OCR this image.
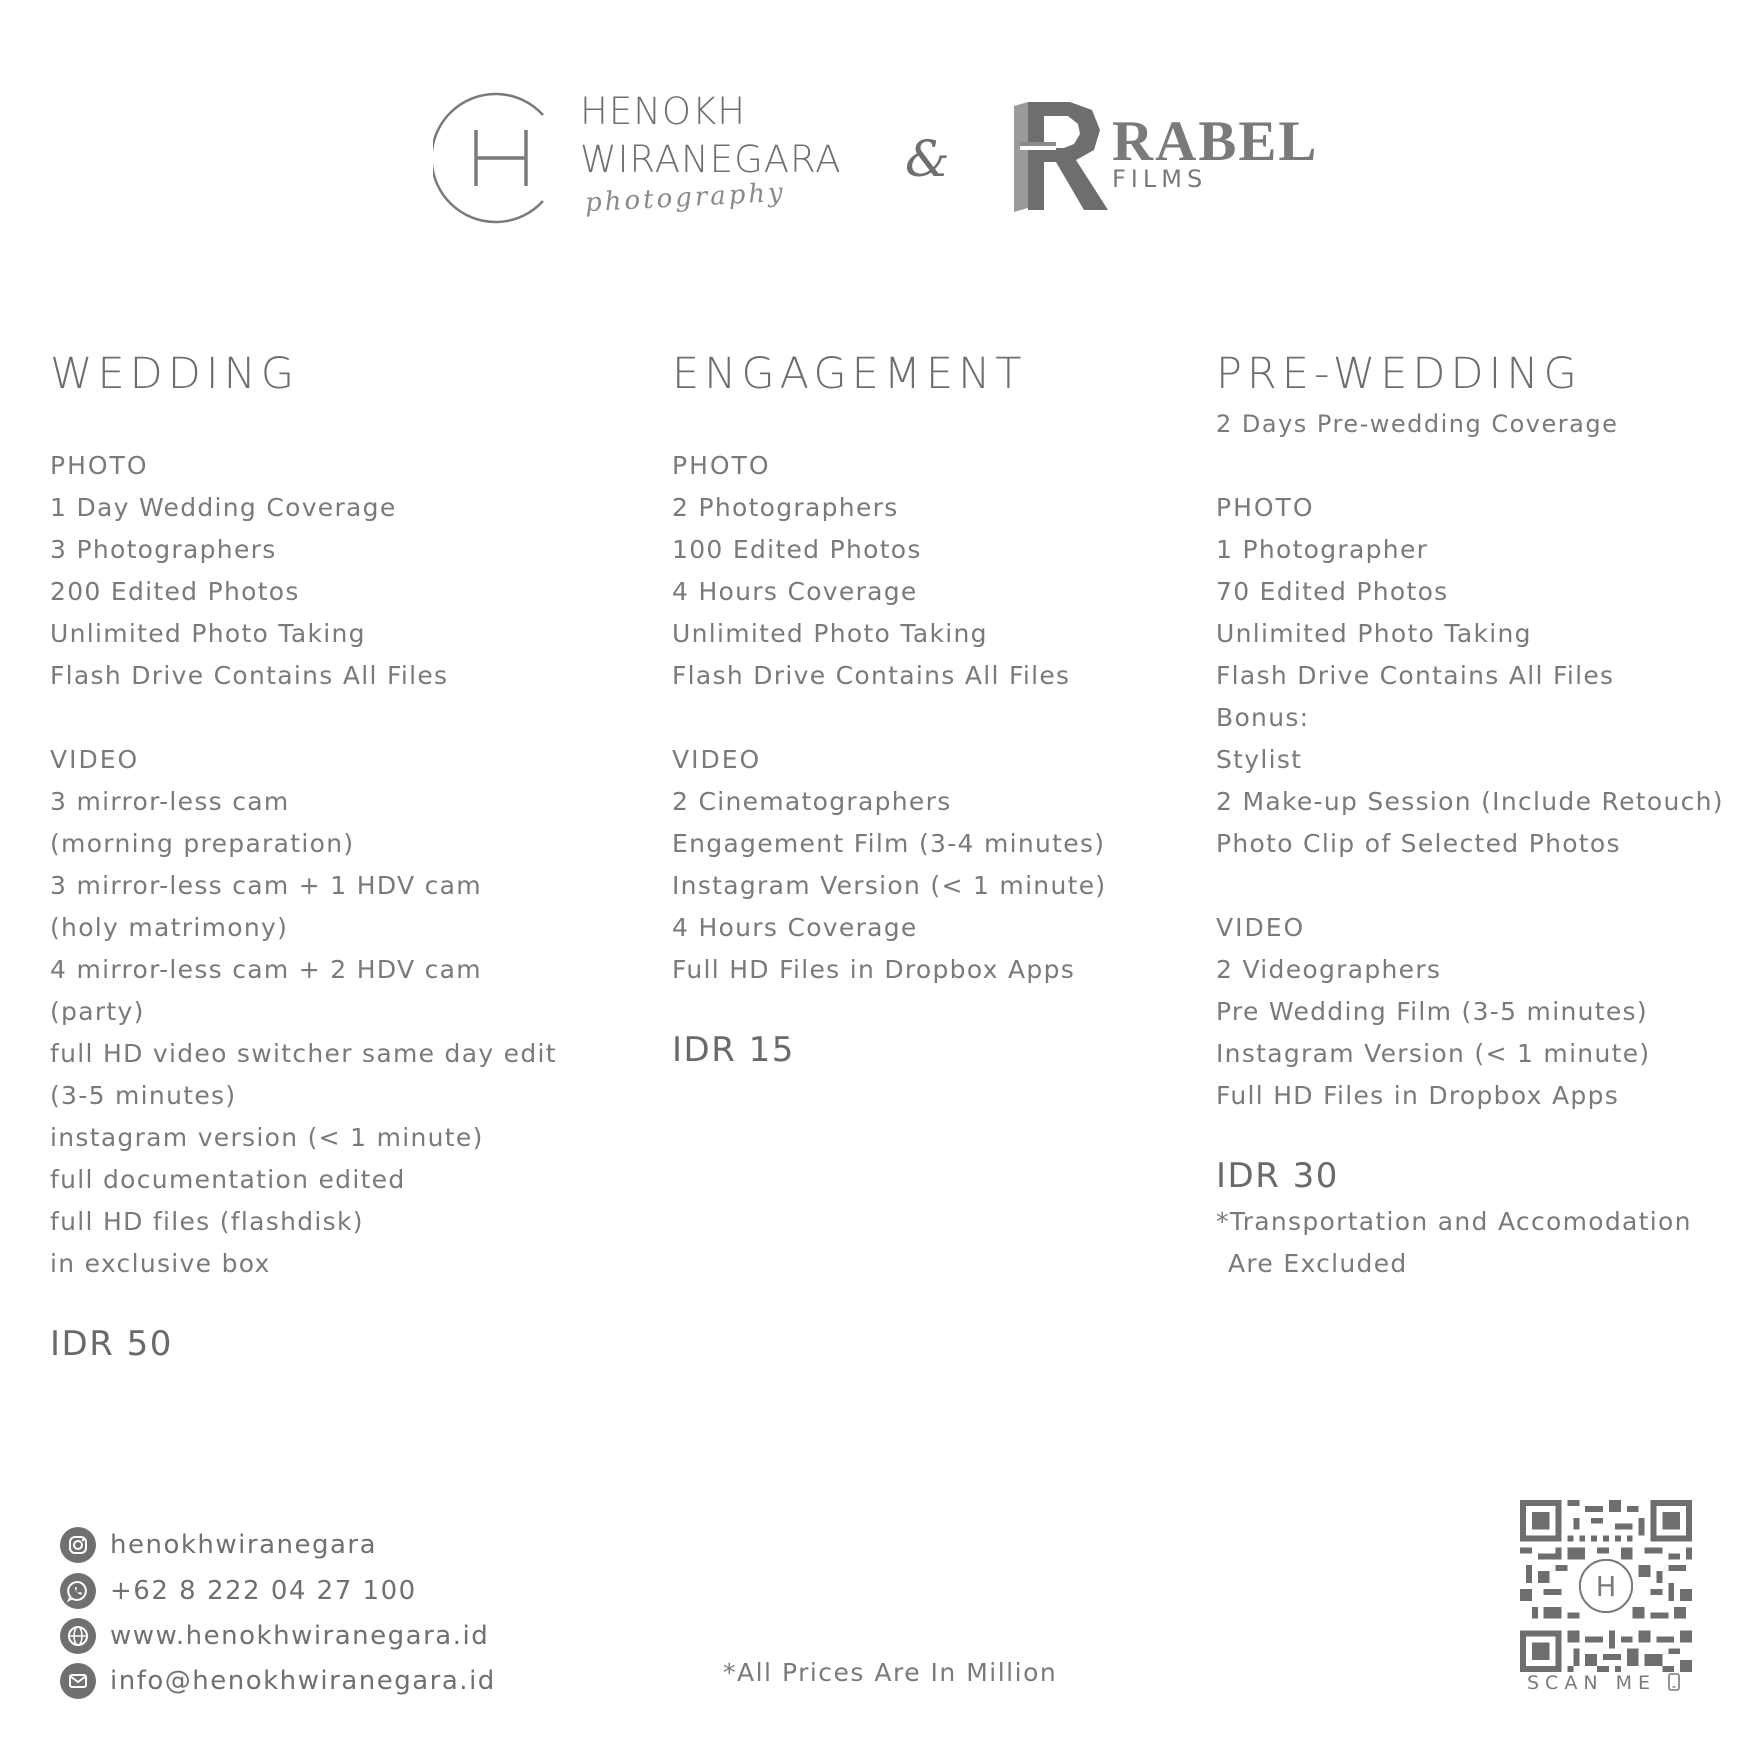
HENOKH
WIRANEGARA
photography
&	RABEL
FILMS
WEDDING
PHOTO
1 Day Wedding Coverage
3 Photographers
200 Edited Photos
Unlimited Photo Taking
Flash Drive Contains All Files
VIDEO
3 mirror-less cam
(morning preparation)
3 mirror-less cam + 1 HDV cam
(holy matrimony)
4 mirror-less cam + 2 HDV cam
(party)
full HD video switcher same day edit
(3-5 minutes)
instagram version (< 1 minute)
full documentation edited
full HD files (flashdisk)
in exclusive box
IDR 50
ENGAGEMENT
PHOTO
2 Photographers
100 Edited Photos
4 Hours Coverage
Unlimited Photo Taking
Flash Drive Contains All Files
VIDEO
2 Cinematographers
Engagement Film (3-4 minutes)
Instagram Version (< 1 minute)
4 Hours Coverage
Full HD Files in Dropbox Apps
IDR 15
PRE-WEDDING
2 Days Pre-wedding Coverage
PHOTO
1 Photographer
70 Edited Photos
Unlimited Photo Taking
Flash Drive Contains All Files
Bonus:
Stylist
2 Make-up Session (Include Retouch)
Photo Clip of Selected Photos
VIDEO
2 Videographers
Pre Wedding Film (3-5 minutes)
Instagram Version (< 1 minute)
Full HD Files in Dropbox Apps
IDR 30
*Transportation and Accomodation
Are Excluded
henokhwiranegara
+62 8 222 04 27 100
www.henokhwiranegara.id
info@henokhwiranegara.id	*All Prices Are In Million
H
SCAN ME
